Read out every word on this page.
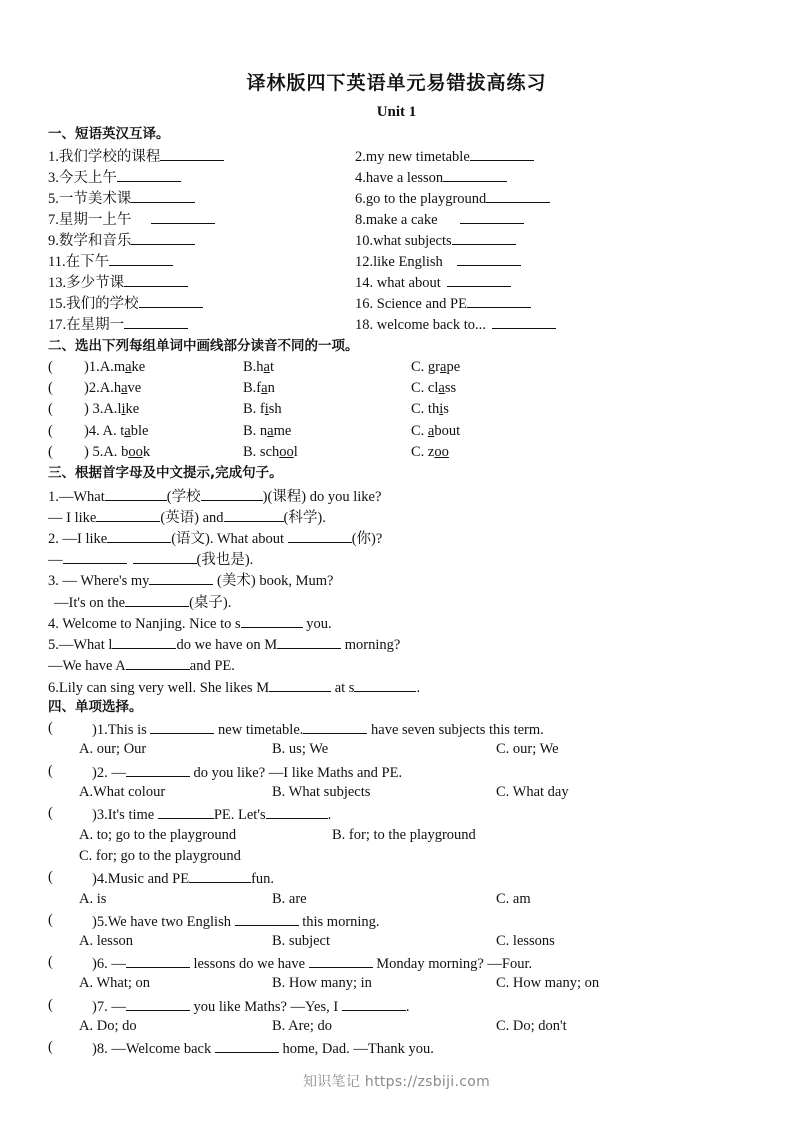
译林版四下英语单元易错拔高练习
Unit 1
一、短语英汉互译。
1.我们学校的课程	2.my new timetable
3.今天上午	4.have a lesson
5.一节美术课	6.go to the playground
7.星期一上午	8.make a cake
9.数学和音乐	10.what subjects
11.在下午	12.like English
13.多少节课	14. what about
15.我们的学校	16. Science and PE
17.在星期一	18. welcome back to...
二、选出下列每组单词中画线部分读音不同的一项。
( )1.A.make	B.hat	C. grape
( )2.A.have	B.fan	C. class
( ) 3.A.like	B. fish	C. this
( )4. A. table	B. name	C. about
( ) 5.A. book	B. school	C. zoo
三、根据首字母及中文提示,完成句子。
1.—What	(学校	)(课程) do you like?
— I like	(英语) and	(科学).
2. —I like	(语文). What about	(你)?
—	(我也是).
3. — Where's my	(美术) book, Mum?
—It's on the	(桌子).
4. Welcome to Nanjing. Nice to s	you.
5.—What l	do we have on M	morning?
—We have A	and PE.
6.Lily can sing very well. She likes M	at s	.
四、单项选择。
(	)1.This is	new timetable.	have seven subjects this term.
A. our; Our	B. us; We	C. our; We
(	)2. —	do you like? —I like Maths and PE.
A.What colour	B. What subjects	C. What day
(	)3.It's time	PE. Let's	.
A. to; go to the playground	B. for; to the playground
C. for; go to the playground
(	)4.Music and PE	fun.
A. is	B. are	C. am
(	)5.We have two English	this morning.
A. lesson	B. subject	C. lessons
(	)6. —	lessons do we have	Monday morning? —Four.
A. What; on	B. How many; in	C. How many; on
(	)7. —	you like Maths? —Yes, I	.
A. Do; do	B. Are; do	C. Do; don't
(	)8. —Welcome back	home, Dad. —Thank you.
知识笔记 https://zsbiji.com
